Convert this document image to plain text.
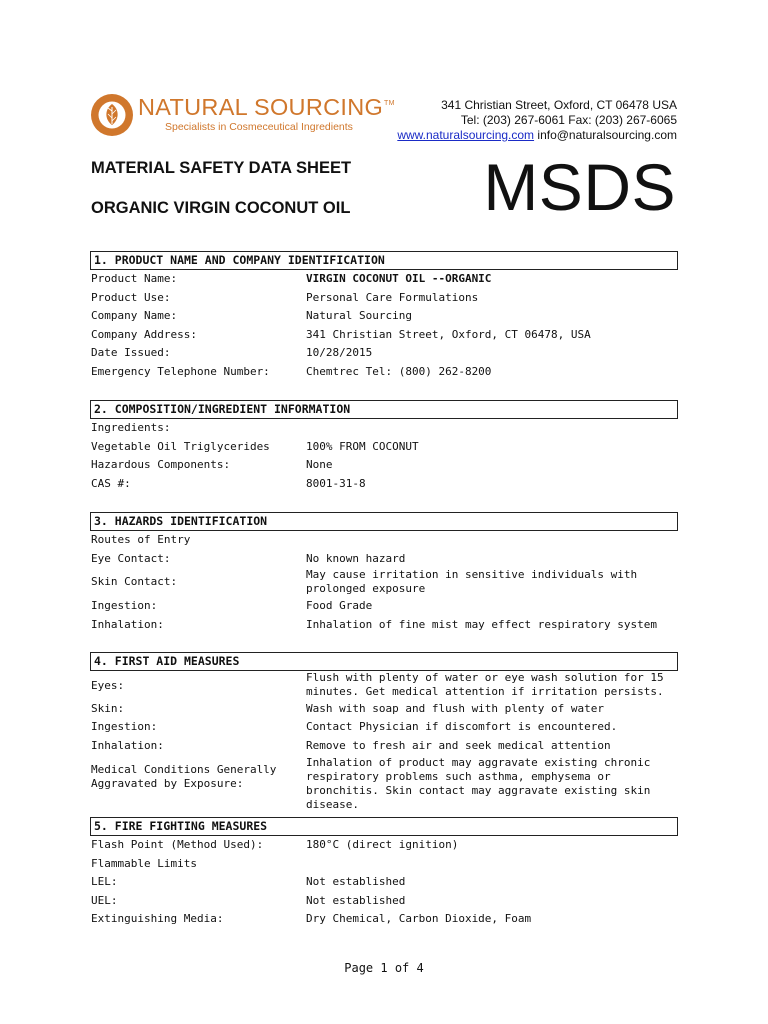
NATURAL SOURCING™
Specialists in Cosmeceutical Ingredients
341 Christian Street, Oxford, CT 06478 USA
Tel: (203) 267-6061 Fax: (203) 267-6065
www.naturalsourcing.com info@naturalsourcing.com
MATERIAL SAFETY DATA SHEET
ORGANIC VIRGIN COCONUT OIL MSDS
1. PRODUCT NAME AND COMPANY IDENTIFICATION
Product Name:	VIRGIN COCONUT OIL --ORGANIC
Product Use:	Personal Care Formulations
Company Name:	Natural Sourcing
Company Address:	341 Christian Street, Oxford, CT 06478, USA
Date Issued:	10/28/2015
Emergency Telephone Number:	Chemtrec Tel: (800) 262-8200
2. COMPOSITION/INGREDIENT INFORMATION
Ingredients:
Vegetable Oil Triglycerides	100% FROM COCONUT
Hazardous Components:	None
CAS #:	8001-31-8
3. HAZARDS IDENTIFICATION
Routes of Entry
Eye Contact:	No known hazard
Skin Contact:
May cause irritation in sensitive individuals with prolonged exposure
Ingestion:	Food Grade
Inhalation:	Inhalation of fine mist may effect respiratory system
4. FIRST AID MEASURES
Eyes:
Flush with plenty of water or eye wash solution for 15 minutes. Get medical attention if irritation persists.
Skin:	Wash with soap and flush with plenty of water
Ingestion:	Contact Physician if discomfort is encountered.
Inhalation:	Remove to fresh air and seek medical attention
Medical Conditions Generally Aggravated by Exposure:
Inhalation of product may aggravate existing chronic respiratory problems such asthma, emphysema or bronchitis. Skin contact may aggravate existing skin disease.
5. FIRE FIGHTING MEASURES
Flash Point (Method Used):	180°C (direct ignition)
Flammable Limits
LEL:	Not established
UEL:	Not established
Extinguishing Media:	Dry Chemical, Carbon Dioxide, Foam
Page 1 of 4
